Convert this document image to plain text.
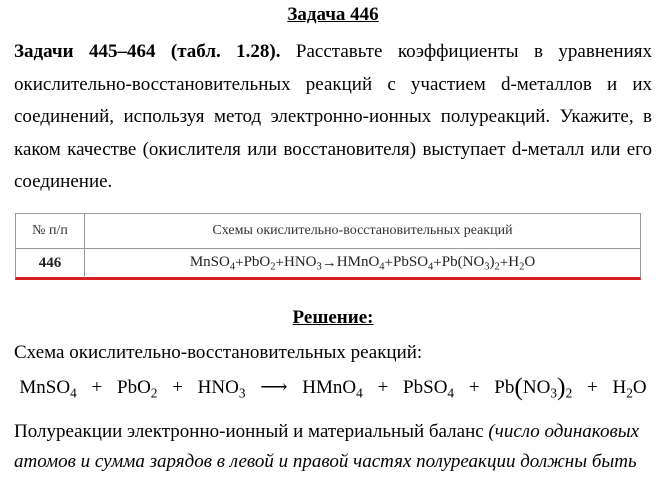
Задача 446
Задачи 445–464 (табл. 1.28). Расставьте коэффициенты в уравнениях окислительно-восстановительных реакций с участием d-металлов и их соединений, используя метод электронно-ионных полуреакций. Укажите, в каком качестве (окислителя или восстановителя) выступает d-металл или его соединение.
№ п/п	Схемы окислительно-восстановительных реакций
446	MnSO$_4$ + $PbO_2 + HNO_3$ → HMnO$_4$ + PbSO$_4$ + $Pb(NO_3)_2 + H_2O$
Решение:
Схема окислительно-восстановительных реакций:
MnSO$_4$ + $PbO_2 + HNO_3$ ⟶ HMnO$_4$ + PbSO$_4$ + $Pb(NO_3)_2 + H_2O$
Полуреакции электронно-ионный и материальный баланс (число одинаковых атомов и сумма зарядов в левой и правой частях полуреакции должны быть
